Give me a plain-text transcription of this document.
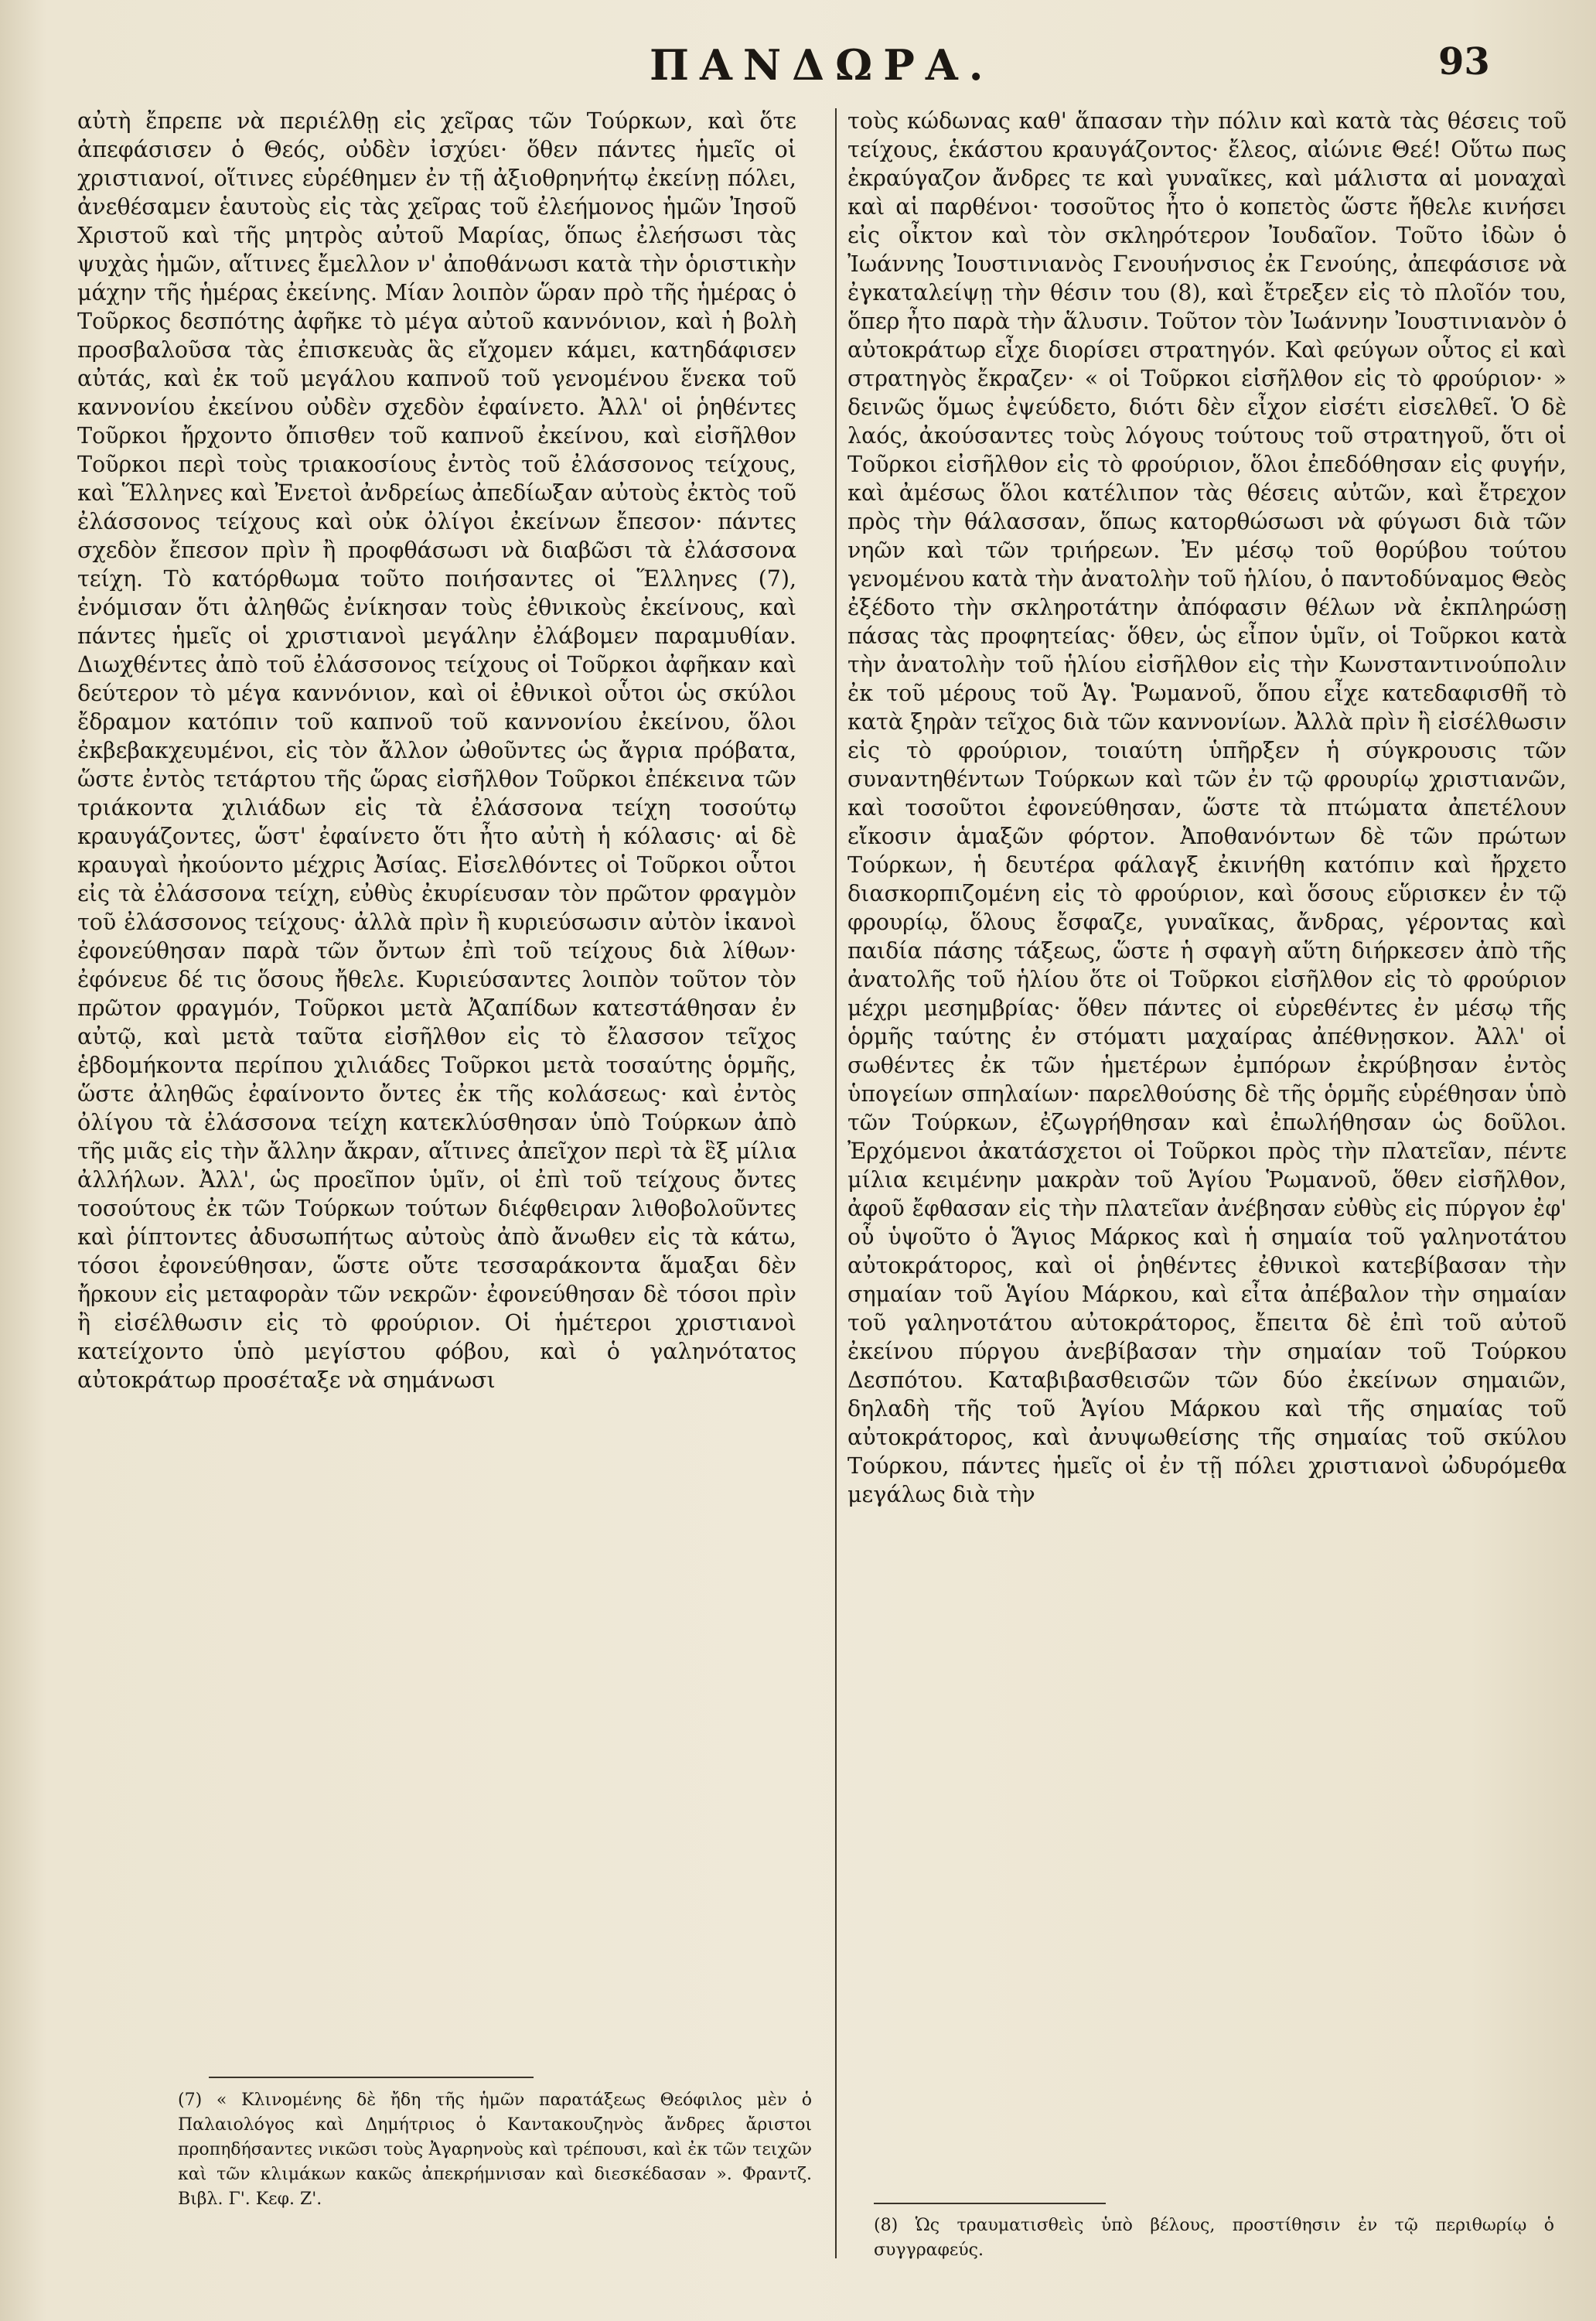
ΠΑΝΔΩΡΑ.	93

αὐτὴ ἔπρεπε νὰ περιέλθῃ εἰς χεῖρας τῶν Τούρκων, καὶ ὅτε ἀπεφάσισεν ὁ Θεός, οὐδὲν ἰσχύει· ὅθεν πάντες ἡμεῖς οἱ χριστιανοί, οἵτινες εὑρέθημεν ἐν τῇ ἀξιοθρηνήτῳ ἐκείνῃ πόλει, ἀνεθέσαμεν ἑαυτοὺς εἰς τὰς χεῖρας τοῦ ἐλεήμονος ἡμῶν Ἰησοῦ Χριστοῦ καὶ τῆς μητρὸς αὐτοῦ Μαρίας, ὅπως ἐλεήσωσι τὰς ψυχὰς ἡμῶν, αἵτινες ἔμελλον ν' ἀποθάνωσι κατὰ τὴν ὁριστικὴν μάχην τῆς ἡμέρας ἐκείνης. Μίαν λοιπὸν ὥραν πρὸ τῆς ἡμέρας ὁ Τοῦρκος δεσπότης ἀφῆκε τὸ μέγα αὐτοῦ καννόνιον, καὶ ἡ βολὴ προσβαλοῦσα τὰς ἐπισκευὰς ἃς εἴχομεν κάμει, κατηδάφισεν αὐτάς, καὶ ἐκ τοῦ μεγάλου καπνοῦ τοῦ γενομένου ἕνεκα τοῦ καννονίου ἐκείνου οὐδὲν σχεδὸν ἐφαίνετο. Ἀλλ' οἱ ῥηθέντες Τοῦρκοι ἤρχοντο ὄπισθεν τοῦ καπνοῦ ἐκείνου, καὶ εἰσῆλθον Τοῦρκοι περὶ τοὺς τριακοσίους ἐντὸς τοῦ ἐλάσσονος τείχους, καὶ Ἕλληνες καὶ Ἐνετοὶ ἀνδρείως ἀπεδίωξαν αὐτοὺς ἐκτὸς τοῦ ἐλάσσονος τείχους καὶ οὐκ ὀλίγοι ἐκείνων ἔπεσον· πάντες σχεδὸν ἔπεσον πρὶν ἢ προφθάσωσι νὰ διαβῶσι τὰ ἐλάσσονα τείχη. Τὸ κατόρθωμα τοῦτο ποιήσαντες οἱ Ἕλληνες (7), ἐνόμισαν ὅτι ἀληθῶς ἐνίκησαν τοὺς ἐθνικοὺς ἐκείνους, καὶ πάντες ἡμεῖς οἱ χριστιανοὶ μεγάλην ἐλάβομεν παραμυθίαν. Διωχθέντες ἀπὸ τοῦ ἐλάσσονος τείχους οἱ Τοῦρκοι ἀφῆκαν καὶ δεύτερον τὸ μέγα καννόνιον, καὶ οἱ ἐθνικοὶ οὗτοι ὡς σκύλοι ἔδραμον κατόπιν τοῦ καπνοῦ τοῦ καννονίου ἐκείνου, ὅλοι ἐκβεβακχευμένοι, εἰς τὸν ἄλλον ὠθοῦντες ὡς ἄγρια πρόβατα, ὥστε ἐντὸς τετάρτου τῆς ὥρας εἰσῆλθον Τοῦρκοι ἐπέκεινα τῶν τριάκοντα χιλιάδων εἰς τὰ ἐλάσσονα τείχη τοσούτῳ κραυγάζοντες, ὥστ' ἐφαίνετο ὅτι ἦτο αὐτὴ ἡ κόλασις· αἱ δὲ κραυγαὶ ἠκούοντο μέχρις Ἀσίας. Εἰσελθόντες οἱ Τοῦρκοι οὗτοι εἰς τὰ ἐλάσσονα τείχη, εὐθὺς ἐκυρίευσαν τὸν πρῶτον φραγμὸν τοῦ ἐλάσσονος τείχους· ἀλλὰ πρὶν ἢ κυριεύσωσιν αὐτὸν ἱκανοὶ ἐφονεύθησαν παρὰ τῶν ὄντων ἐπὶ τοῦ τείχους διὰ λίθων· ἐφόνευε δέ τις ὅσους ἤθελε. Κυριεύσαντες λοιπὸν τοῦτον τὸν πρῶτον φραγμόν, Τοῦρκοι μετὰ Ἀζαπίδων κατεστάθησαν ἐν αὐτῷ, καὶ μετὰ ταῦτα εἰσῆλθον εἰς τὸ ἔλασσον τεῖχος ἑβδομήκοντα περίπου χιλιάδες Τοῦρκοι μετὰ τοσαύτης ὁρμῆς, ὥστε ἀληθῶς ἐφαίνοντο ὄντες ἐκ τῆς κολάσεως· καὶ ἐντὸς ὀλίγου τὰ ἐλάσσονα τείχη κατεκλύσθησαν ὑπὸ Τούρκων ἀπὸ τῆς μιᾶς εἰς τὴν ἄλλην ἄκραν, αἵτινες ἀπεῖχον περὶ τὰ ἓξ μίλια ἀλλήλων. Ἀλλ', ὡς προεῖπον ὑμῖν, οἱ ἐπὶ τοῦ τείχους ὄντες τοσούτους ἐκ τῶν Τούρκων τούτων διέφθειραν λιθοβολοῦντες καὶ ῥίπτοντες ἀδυσωπήτως αὐτοὺς ἀπὸ ἄνωθεν εἰς τὰ κάτω, τόσοι ἐφονεύθησαν, ὥστε οὔτε τεσσαράκοντα ἅμαξαι δὲν ἤρκουν εἰς μεταφορὰν τῶν νεκρῶν· ἐφονεύθησαν δὲ τόσοι πρὶν ἢ εἰσέλθωσιν εἰς τὸ φρούριον. Οἱ ἡμέτεροι χριστιανοὶ κατείχοντο ὑπὸ μεγίστου φόβου, καὶ ὁ γαληνότατος αὐτοκράτωρ προσέταξε νὰ σημάνωσι

τοὺς κώδωνας καθ' ἅπασαν τὴν πόλιν καὶ κατὰ τὰς θέσεις τοῦ τείχους, ἑκάστου κραυγάζοντος· ἔλεος, αἰώνιε Θεέ! Οὕτω πως ἐκραύγαζον ἄνδρες τε καὶ γυναῖκες, καὶ μάλιστα αἱ μοναχαὶ καὶ αἱ παρθένοι· τοσοῦτος ἦτο ὁ κοπετὸς ὥστε ἤθελε κινήσει εἰς οἶκτον καὶ τὸν σκληρότερον Ἰουδαῖον. Τοῦτο ἰδὼν ὁ Ἰωάννης Ἰουστινιανὸς Γενουήνσιος ἐκ Γενούης, ἀπεφάσισε νὰ ἐγκαταλείψῃ τὴν θέσιν του (8), καὶ ἔτρεξεν εἰς τὸ πλοῖόν του, ὅπερ ἦτο παρὰ τὴν ἅλυσιν. Τοῦτον τὸν Ἰωάννην Ἰουστινιανὸν ὁ αὐτοκράτωρ εἶχε διορίσει στρατηγόν. Καὶ φεύγων οὗτος εἰ καὶ στρατηγὸς ἔκραζεν· « οἱ Τοῦρκοι εἰσῆλθον εἰς τὸ φρούριον· » δεινῶς ὅμως ἐψεύδετο, διότι δὲν εἶχον εἰσέτι εἰσελθεῖ. Ὁ δὲ λαός, ἀκούσαντες τοὺς λόγους τούτους τοῦ στρατηγοῦ, ὅτι οἱ Τοῦρκοι εἰσῆλθον εἰς τὸ φρούριον, ὅλοι ἐπεδόθησαν εἰς φυγήν, καὶ ἀμέσως ὅλοι κατέλιπον τὰς θέσεις αὐτῶν, καὶ ἔτρεχον πρὸς τὴν θάλασσαν, ὅπως κατορθώσωσι νὰ φύγωσι διὰ τῶν νηῶν καὶ τῶν τριήρεων. Ἐν μέσῳ τοῦ θορύβου τούτου γενομένου κατὰ τὴν ἀνατολὴν τοῦ ἡλίου, ὁ παντοδύναμος Θεὸς ἐξέδοτο τὴν σκληροτάτην ἀπόφασιν θέλων νὰ ἐκπληρώσῃ πάσας τὰς προφητείας· ὅθεν, ὡς εἶπον ὑμῖν, οἱ Τοῦρκοι κατὰ τὴν ἀνατολὴν τοῦ ἡλίου εἰσῆλθον εἰς τὴν Κωνσταντινούπολιν ἐκ τοῦ μέρους τοῦ Ἁγ. Ῥωμανοῦ, ὅπου εἶχε κατεδαφισθῆ τὸ κατὰ ξηρὰν τεῖχος διὰ τῶν καννονίων. Ἀλλὰ πρὶν ἢ εἰσέλθωσιν εἰς τὸ φρούριον, τοιαύτη ὑπῆρξεν ἡ σύγκρουσις τῶν συναντηθέντων Τούρκων καὶ τῶν ἐν τῷ φρουρίῳ χριστιανῶν, καὶ τοσοῦτοι ἐφονεύθησαν, ὥστε τὰ πτώματα ἀπετέλουν εἴκοσιν ἁμαξῶν φόρτον. Ἀποθανόντων δὲ τῶν πρώτων Τούρκων, ἡ δευτέρα φάλαγξ ἐκινήθη κατόπιν καὶ ἤρχετο διασκορπιζομένη εἰς τὸ φρούριον, καὶ ὅσους εὕρισκεν ἐν τῷ φρουρίῳ, ὅλους ἔσφαζε, γυναῖκας, ἄνδρας, γέροντας καὶ παιδία πάσης τάξεως, ὥστε ἡ σφαγὴ αὕτη διήρκεσεν ἀπὸ τῆς ἀνατολῆς τοῦ ἡλίου ὅτε οἱ Τοῦρκοι εἰσῆλθον εἰς τὸ φρούριον μέχρι μεσημβρίας· ὅθεν πάντες οἱ εὑρεθέντες ἐν μέσῳ τῆς ὁρμῆς ταύτης ἐν στόματι μαχαίρας ἀπέθνῃσκον. Ἀλλ' οἱ σωθέντες ἐκ τῶν ἡμετέρων ἐμπόρων ἐκρύβησαν ἐντὸς ὑπογείων σπηλαίων· παρελθούσης δὲ τῆς ὁρμῆς εὑρέθησαν ὑπὸ τῶν Τούρκων, ἐζωγρήθησαν καὶ ἐπωλήθησαν ὡς δοῦλοι. Ἐρχόμενοι ἀκατάσχετοι οἱ Τοῦρκοι πρὸς τὴν πλατεῖαν, πέντε μίλια κειμένην μακρὰν τοῦ Ἁγίου Ῥωμανοῦ, ὅθεν εἰσῆλθον, ἀφοῦ ἔφθασαν εἰς τὴν πλατεῖαν ἀνέβησαν εὐθὺς εἰς πύργον ἐφ' οὗ ὑψοῦτο ὁ Ἅγιος Μάρκος καὶ ἡ σημαία τοῦ γαληνοτάτου αὐτοκράτορος, καὶ οἱ ῥηθέντες ἐθνικοὶ κατεβίβασαν τὴν σημαίαν τοῦ Ἁγίου Μάρκου, καὶ εἶτα ἀπέβαλον τὴν σημαίαν τοῦ γαληνοτάτου αὐτοκράτορος, ἔπειτα δὲ ἐπὶ τοῦ αὐτοῦ ἐκείνου πύργου ἀνεβίβασαν τὴν σημαίαν τοῦ Τούρκου Δεσπότου. Καταβιβασθεισῶν τῶν δύο ἐκείνων σημαιῶν, δηλαδὴ τῆς τοῦ Ἁγίου Μάρκου καὶ τῆς σημαίας τοῦ αὐτοκράτορος, καὶ ἀνυψωθείσης τῆς σημαίας τοῦ σκύλου Τούρκου, πάντες ἡμεῖς οἱ ἐν τῇ πόλει χριστιανοὶ ὠδυρόμεθα μεγάλως διὰ τὴν

(7) « Κλινομένης δὲ ἤδη τῆς ἡμῶν παρατάξεως Θεόφιλος μὲν ὁ Παλαιολόγος καὶ Δημήτριος ὁ Καντακουζηνὸς ἄνδρες ἄριστοι προπηδήσαντες νικῶσι τοὺς Ἀγαρηνοὺς καὶ τρέπουσι, καὶ ἐκ τῶν τειχῶν καὶ τῶν κλιμάκων κακῶς ἀπεκρήμνισαν καὶ διεσκέδασαν ». Φραντζ. Βιβλ. Γ'. Κεφ. Ζ'.
(8) Ὡς τραυματισθεὶς ὑπὸ βέλους, προστίθησιν ἐν τῷ περιθωρίῳ ὁ συγγραφεύς.
